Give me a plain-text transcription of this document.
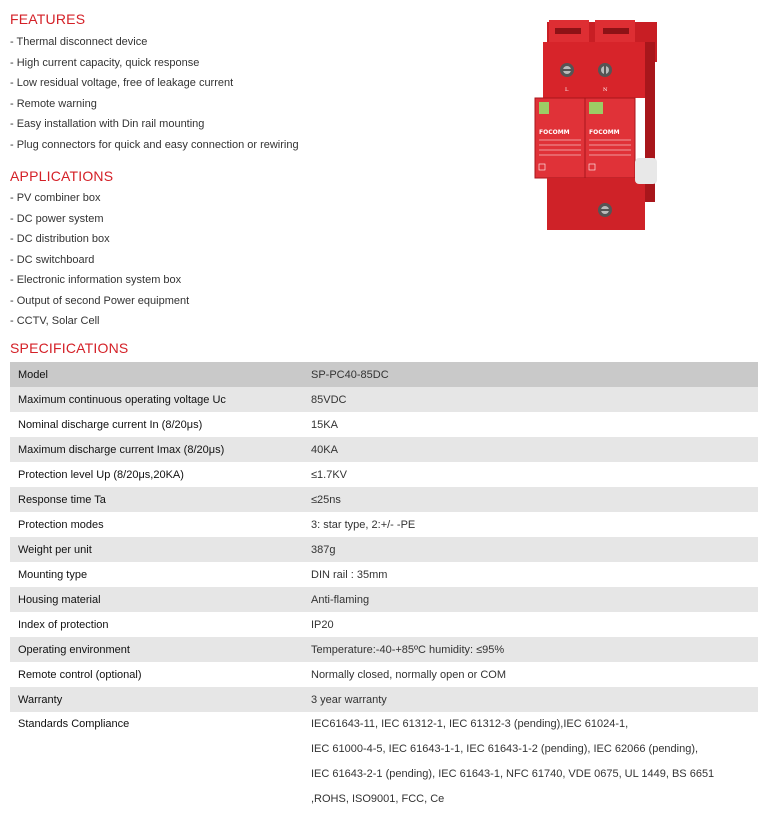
FEATURES
- Thermal disconnect device
- High current capacity, quick response
- Low residual voltage, free of leakage current
- Remote warning
- Easy installation with Din rail mounting
- Plug connectors for quick and easy connection or rewiring
APPLICATIONS
- PV combiner box
- DC power system
- DC distribution box
- DC switchboard
- Electronic information system box
- Output of second Power equipment
- CCTV, Solar Cell
L	N
FOCOMM	FOCOMM
SPECIFICATIONS
Model	SP-PC40-85DC
Maximum continuous operating voltage Uc	85VDC
Nominal discharge current In (8/20μs)	15KA
Maximum discharge current Imax (8/20μs)	40KA
Protection level Up (8/20μs,20KA)	≤1.7KV
Response time Ta	≤25ns
Protection modes	3: star type, 2:+/- -PE
Weight per unit	387g
Mounting type	DIN rail : 35mm
Housing material	Anti-flaming
Index of protection	IP20
Operating environment	Temperature:-40-+85ºC humidity: ≤95%
Remote control (optional)	Normally closed, normally open or COM
Warranty	3 year warranty
Standards Compliance	IEC61643-11, IEC 61312-1, IEC 61312-3 (pending),IEC 61024-1,
IEC 61000-4-5, IEC 61643-1-1, IEC 61643-1-2 (pending), IEC 62066 (pending),
IEC 61643-2-1 (pending), IEC 61643-1, NFC 61740, VDE 0675, UL 1449, BS 6651
,ROHS, ISO9001, FCC, Ce
